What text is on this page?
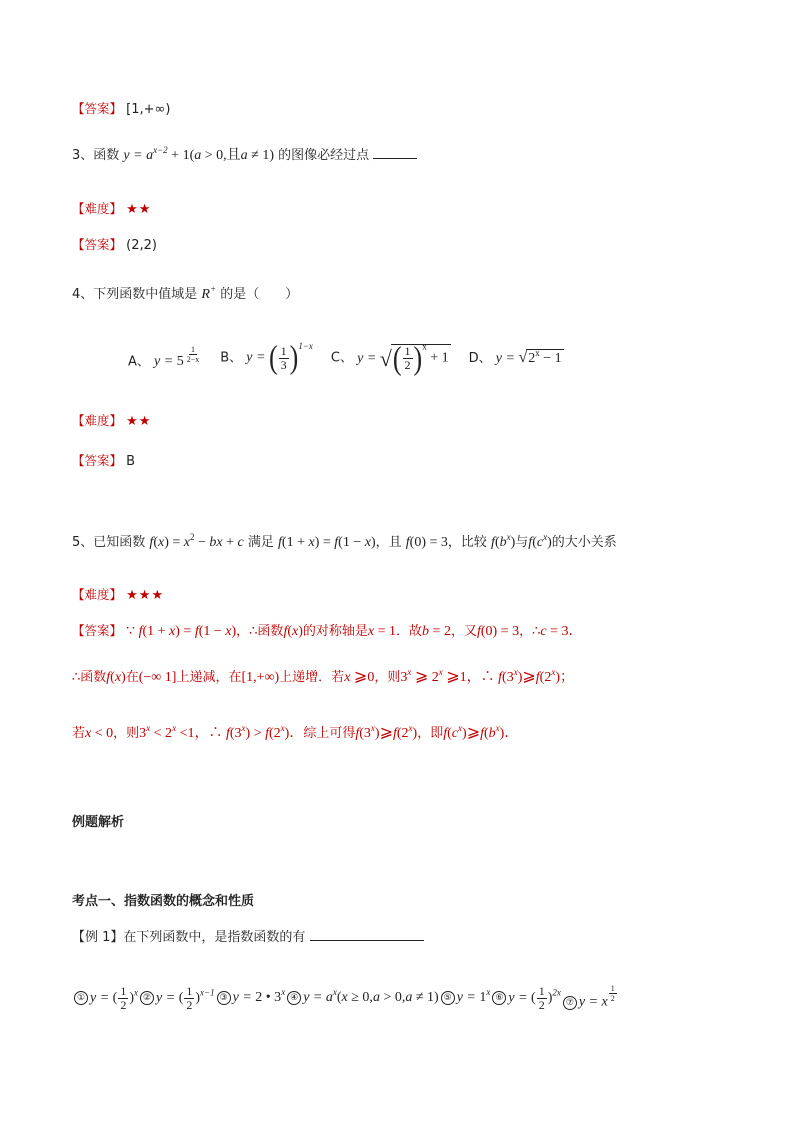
【答案】 [1,+∞)
3、函数 $y = a^{x-2} + 1(a > 0$,且a ≠ 1) 的图像必经过点
【难度】 ★★
【答案】 (2,2)
4、下列函数中值域是 R+ 的是（　　）
A、 y = 5 $^{\frac{1}{2-x}}$ B、 y = ( $\frac{1}{3} )^{1-x}$
C、 y = √( $\frac{1}{2} )^x + 1$ D、 $y = √2^x - 1$
【难度】 ★★
【答案】 B
5、已知函数 $f(x) = x^2$ − bx + c 满足 f(1 + x) = f(1 − x)，且 f(0) = 3，比较 $f(b^x)$与$f(c^x)$的大小关系
【难度】 ★★★
【答案】 ∵ f(1 + x) = f(1 − x)，∴函数f(x)的对称轴是x = 1．故b = 2，又f(0) = 3，∴c = 3．
∴函数f(x)在(−∞ 1]上递减，在[1,+∞)上递增．若x ⩾0，则3$^x$ ⩾ 2$^x$ ⩾1，∴ f(3$^x$)⩾f(2$^x$)；
若x < 0，则$3^x < 2^x <1$，∴ $f(3^x) > f(2^x)$．综上可得f(3$^x$)⩾f(2$^x$)，即$f(c^x)⩾f(b^x)$．
例题解析
考点一、指数函数的概念和性质
【例 1】在下列函数中，是指数函数的有
① y = ( $\frac{1}{2} )^x$
② y = ( $\frac{1}{2} )^{x-1}$
③ y = 2 • 3$^x$
④ $y = a^x(x \ge 0,a > 0,a \ne 1)$ ⑤ $y = 1^x$
⑥ y = ( $\frac{1}{2} )^{2x}$
⑦ y = x $^{\frac{1}{2}}$
